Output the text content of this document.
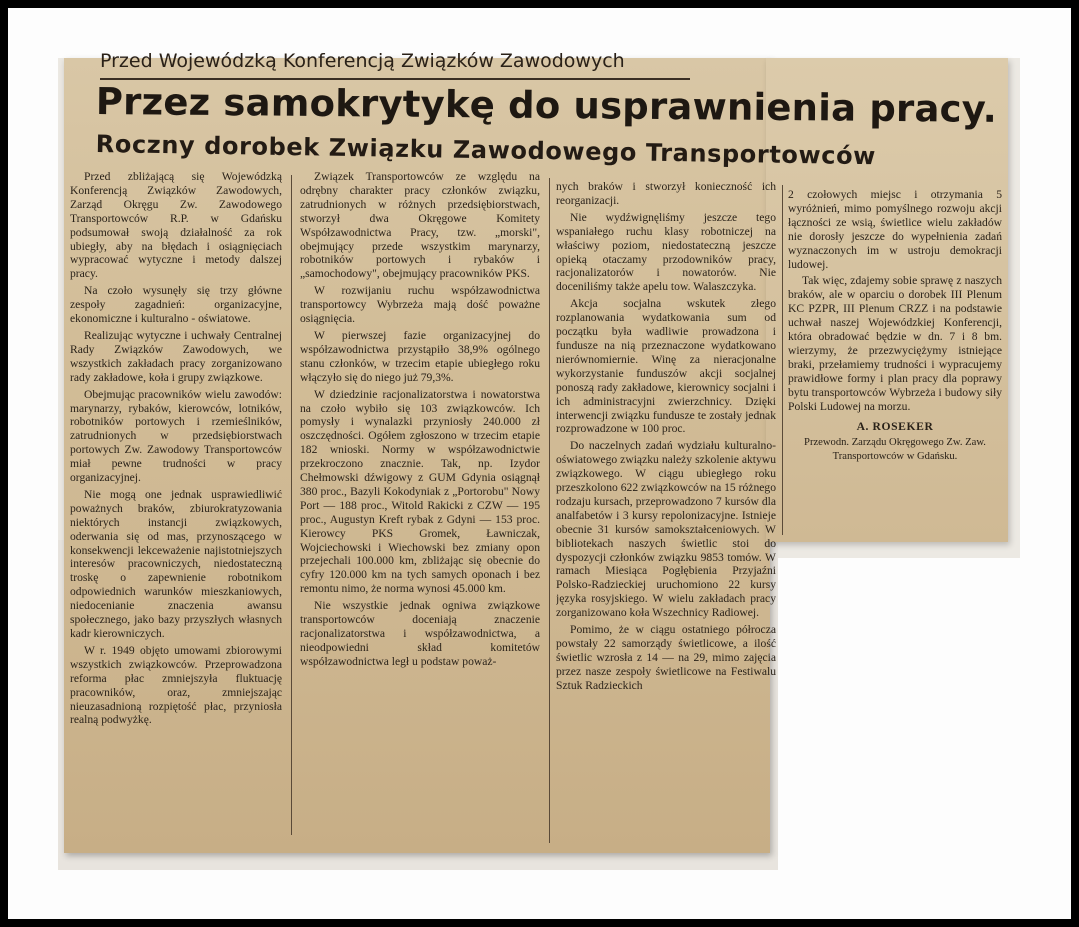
Przed Wojewódzką Konferencją Związków Zawodowych
Przez samokrytykę do usprawnienia pracy.
Roczny dorobek Związku Zawodowego Transportowców

Przed zbliżającą się Wojewódzką Konferencją Związków Zawodowych, Zarząd Okręgu Zw. Zawodowego Transportowców R.P. w Gdańsku podsumował swoją działalność za rok ubiegły, aby na błędach i osiągnięciach wypracować wytyczne i metody dalszej pracy.

Na czoło wysunęły się trzy główne zespoły zagadnień: organizacyjne, ekonomiczne i kulturalno - oświatowe.

Realizując wytyczne i uchwały Centralnej Rady Związków Zawodowych, we wszystkich zakładach pracy zorganizowano rady zakładowe, koła i grupy związkowe.

Obejmując pracowników wielu zawodów: marynarzy, rybaków, kierowców, lotników, robotników portowych i rzemieślników, zatrudnionych w przedsiębiorstwach portowych Zw. Zawodowy Transportowców miał pewne trudności w pracy organizacyjnej.

Nie mogą one jednak usprawiedliwić poważnych braków, zbiurokratyzowania niektórych instancji związkowych, oderwania się od mas, przynoszącego w konsekwencji lekceważenie najistotniejszych interesów pracowniczych, niedostateczną troskę o zapewnienie robotnikom odpowiednich warunków mieszkaniowych, niedocenianie znaczenia awansu społecznego, jako bazy przyszłych własnych kadr kierowniczych.

W r. 1949 objęto umowami zbiorowymi wszystkich związkowców. Przeprowadzona reforma płac zmniejszyła fluktuację pracowników, oraz, zmniejszając nieuzasadnioną rozpiętość płac, przyniosła realną podwyżkę.

Związek Transportowców ze względu na odrębny charakter pracy członków związku, zatrudnionych w różnych przedsiębiorstwach, stworzył dwa Okręgowe Komitety Współzawodnictwa Pracy, tzw. „morski", obejmujący przede wszystkim marynarzy, robotników portowych i rybaków i „samochodowy", obejmujący pracowników PKS.

W rozwijaniu ruchu współzawodnictwa transportowcy Wybrzeża mają dość poważne osiągnięcia.

W pierwszej fazie organizacyjnej do współzawodnictwa przystąpiło 38,9% ogólnego stanu członków, w trzecim etapie ubiegłego roku włączyło się do niego już 79,3%.

W dziedzinie racjonalizatorstwa i nowatorstwa na czoło wybiło się 103 związkowców. Ich pomysły i wynalazki przyniosły 240.000 zł oszczędności. Ogółem zgłoszono w trzecim etapie 182 wnioski. Normy w współzawodnictwie przekroczono znacznie. Tak, np. Izydor Chełmowski dźwigowy z GUM Gdynia osiągnął 380 proc., Bazyli Kokodyniak z „Portorobu" Nowy Port — 188 proc., Witold Rakicki z CZW — 195 proc., Augustyn Kreft rybak z Gdyni — 153 proc. Kierowcy PKS Gromek, Ławniczak, Wojciechowski i Wiechowski bez zmiany opon przejechali 100.000 km, zbliżając się obecnie do cyfry 120.000 km na tych samych oponach i bez remontu nimo, że norma wynosi 45.000 km.

Nie wszystkie jednak ogniwa związkowe transportowców doceniają znaczenie racjonalizatorstwa i współzawodnictwa, a nieodpowiedni skład komitetów współzawodnictwa legł u podstaw poważ-

nych braków i stworzył konieczność ich reorganizacji.

Nie wydźwignęliśmy jeszcze tego wspaniałego ruchu klasy robotniczej na właściwy poziom, niedostateczną jeszcze opieką otaczamy przodowników pracy, racjonalizatorów i nowatorów. Nie doceniliśmy także apelu tow. Walaszczyka.

Akcja socjalna wskutek złego rozplanowania wydatkowania sum od początku była wadliwie prowadzona i fundusze na nią przeznaczone wydatkowano nierównomiernie. Winę za nieracjonalne wykorzystanie funduszów akcji socjalnej ponoszą rady zakładowe, kierownicy socjalni i ich administracyjni zwierzchnicy. Dzięki interwencji związku fundusze te zostały jednak rozprowadzone w 100 proc.

Do naczelnych zadań wydziału kulturalno-oświatowego związku należy szkolenie aktywu związkowego. W ciągu ubiegłego roku przeszkolono 622 związkowców na 15 różnego rodzaju kursach, przeprowadzono 7 kursów dla analfabetów i 3 kursy repolonizacyjne. Istnieje obecnie 31 kursów samokształceniowych. W bibliotekach naszych świetlic stoi do dyspozycji członków związku 9853 tomów. W ramach Miesiąca Pogłębienia Przyjaźni Polsko-Radzieckiej uruchomiono 22 kursy języka rosyjskiego. W wielu zakładach pracy zorganizowano koła Wszechnicy Radiowej.

Pomimo, że w ciągu ostatniego półrocza powstały 22 samorządy świetlicowe, a ilość świetlic wzrosła z 14 — na 29, mimo zajęcia przez nasze zespoły świetlicowe na Festiwalu Sztuk Radzieckich

2 czołowych miejsc i otrzymania 5 wyróżnień, mimo pomyślnego rozwoju akcji łączności ze wsią, świetlice wielu zakładów nie dorosły jeszcze do wypełnienia zadań wyznaczonych im w ustroju demokracji ludowej.

Tak więc, zdajemy sobie sprawę z naszych braków, ale w oparciu o dorobek III Plenum KC PZPR, III Plenum CRZZ i na podstawie uchwał naszej Wojewódzkiej Konferencji, która obradować będzie w dn. 7 i 8 bm. wierzymy, że przezwyciężymy istniejące braki, przełamiemy trudności i wypracujemy prawidłowe formy i plan pracy dla poprawy bytu transportowców Wybrzeża i budowy siły Polski Ludowej na morzu.

A. ROSEKER

Przewodn. Zarządu Okręgowego Zw. Zaw. Transportowców w Gdańsku.
